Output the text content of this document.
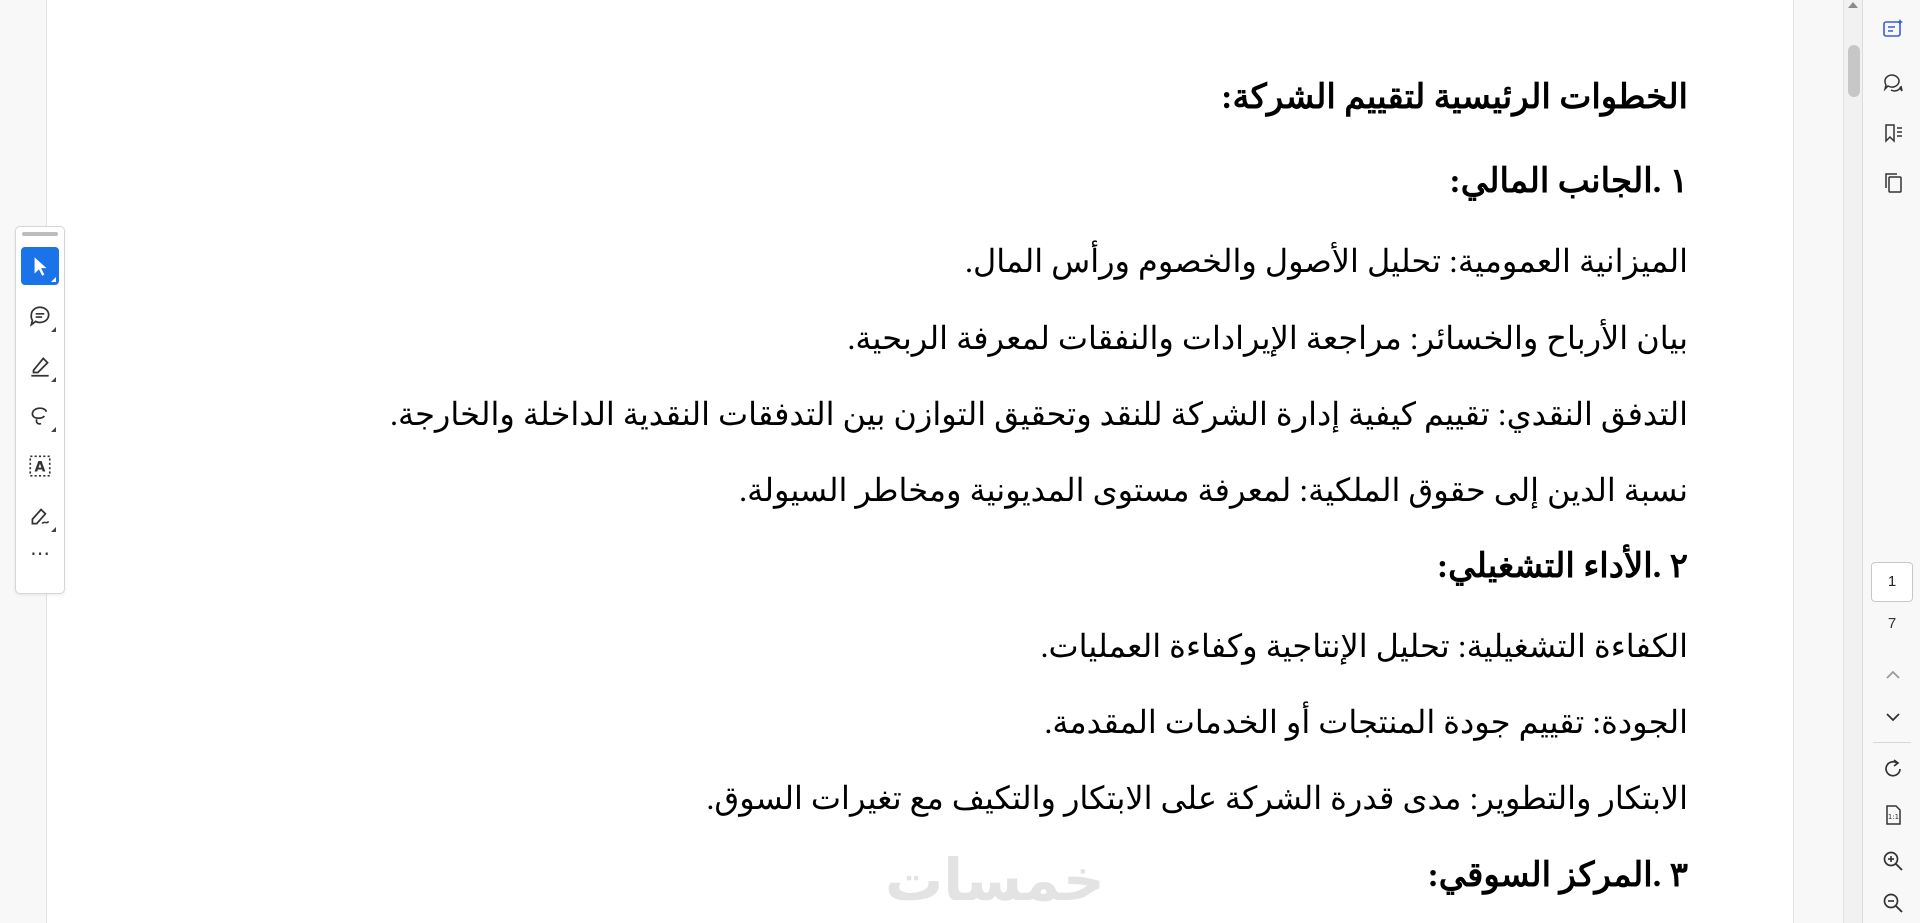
الخطوات الرئيسية لتقييم الشركة:
١ .الجانب المالي:
الميزانية العمومية: تحليل الأصول والخصوم ورأس المال.
بيان الأرباح والخسائر: مراجعة الإيرادات والنفقات لمعرفة الربحية.
التدفق النقدي: تقييم كيفية إدارة الشركة للنقد وتحقيق التوازن بين التدفقات النقدية الداخلة والخارجة.
نسبة الدين إلى حقوق الملكية: لمعرفة مستوى المديونية ومخاطر السيولة.
٢ .الأداء التشغيلي:
الكفاءة التشغيلية: تحليل الإنتاجية وكفاءة العمليات.
الجودة: تقييم جودة المنتجات أو الخدمات المقدمة.
الابتكار والتطوير: مدى قدرة الشركة على الابتكار والتكيف مع تغيرات السوق.
٣ .المركز السوقي:
خمسات
A
⋯
1
7
1:1
